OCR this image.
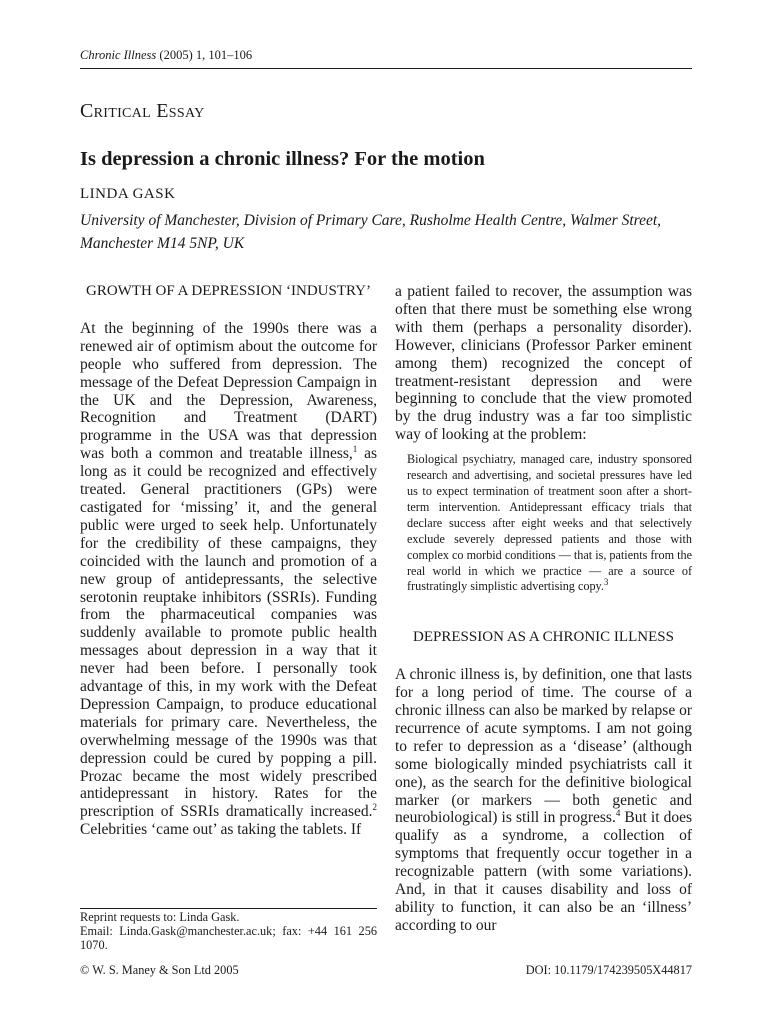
Chronic Illness (2005) 1, 101–106
Critical Essay
Is depression a chronic illness? For the motion
LINDA GASK
University of Manchester, Division of Primary Care, Rusholme Health Centre, Walmer Street, Manchester M14 5NP, UK
GROWTH OF A DEPRESSION ‘INDUSTRY’

At the beginning of the 1990s there was a renewed air of optimism about the outcome for people who suffered from depression. The message of the Defeat Depression Campaign in the UK and the Depression, Awareness, Recognition and Treatment (DART) programme in the USA was that depression was both a common and treatable illness,$^1$ as long as it could be recognized and effectively treated. General practitioners (GPs) were castigated for ‘missing’ it, and the general public were urged to seek help. Unfortunately for the credibility of these campaigns, they coincided with the launch and promotion of a new group of antidepressants, the selective serotonin reuptake inhibitors (SSRIs). Funding from the pharmaceutical companies was suddenly available to promote public health messages about depression in a way that it never had been before. I personally took advantage of this, in my work with the Defeat Depression Campaign, to produce educational materials for primary care. Nevertheless, the overwhelming message of the 1990s was that depression could be cured by popping a pill. Prozac became the most widely prescribed antidepressant in history. Rates for the prescription of SSRIs dramatically increased.$^2$ Celebrities ‘came out’ as taking the tablets. If

a patient failed to recover, the assumption was often that there must be something else wrong with them (perhaps a personality disorder). However, clinicians (Professor Parker eminent among them) recognized the concept of treatment-resistant depression and were beginning to conclude that the view promoted by the drug industry was a far too simplistic way of looking at the problem:

Biological psychiatry, managed care, industry sponsored research and advertising, and societal pressures have led us to expect termination of treatment soon after a short-term intervention. Antidepressant efficacy trials that declare success after eight weeks and that selectively exclude severely depressed patients and those with complex co morbid conditions — that is, patients from the real world in which we practice — are a source of frustratingly simplistic advertising copy.$^3$
DEPRESSION AS A CHRONIC ILLNESS

A chronic illness is, by definition, one that lasts for a long period of time. The course of a chronic illness can also be marked by relapse or recurrence of acute symptoms. I am not going to refer to depression as a ‘disease’ (although some biologically minded psychiatrists call it one), as the search for the definitive biological marker (or markers — both genetic and neurobiological) is still in progress.$^4$ But it does qualify as a syndrome, a collection of symptoms that frequently occur together in a recognizable pattern (with some variations). And, in that it causes disability and loss of ability to function, it can also be an ‘illness’ according to our

Reprint requests to: Linda Gask.
Email: Linda.Gask@manchester.ac.uk; fax: +44 161 256 1070.
© W. S. Maney & Son Ltd 2005	DOI: 10.1179/174239505X44817
